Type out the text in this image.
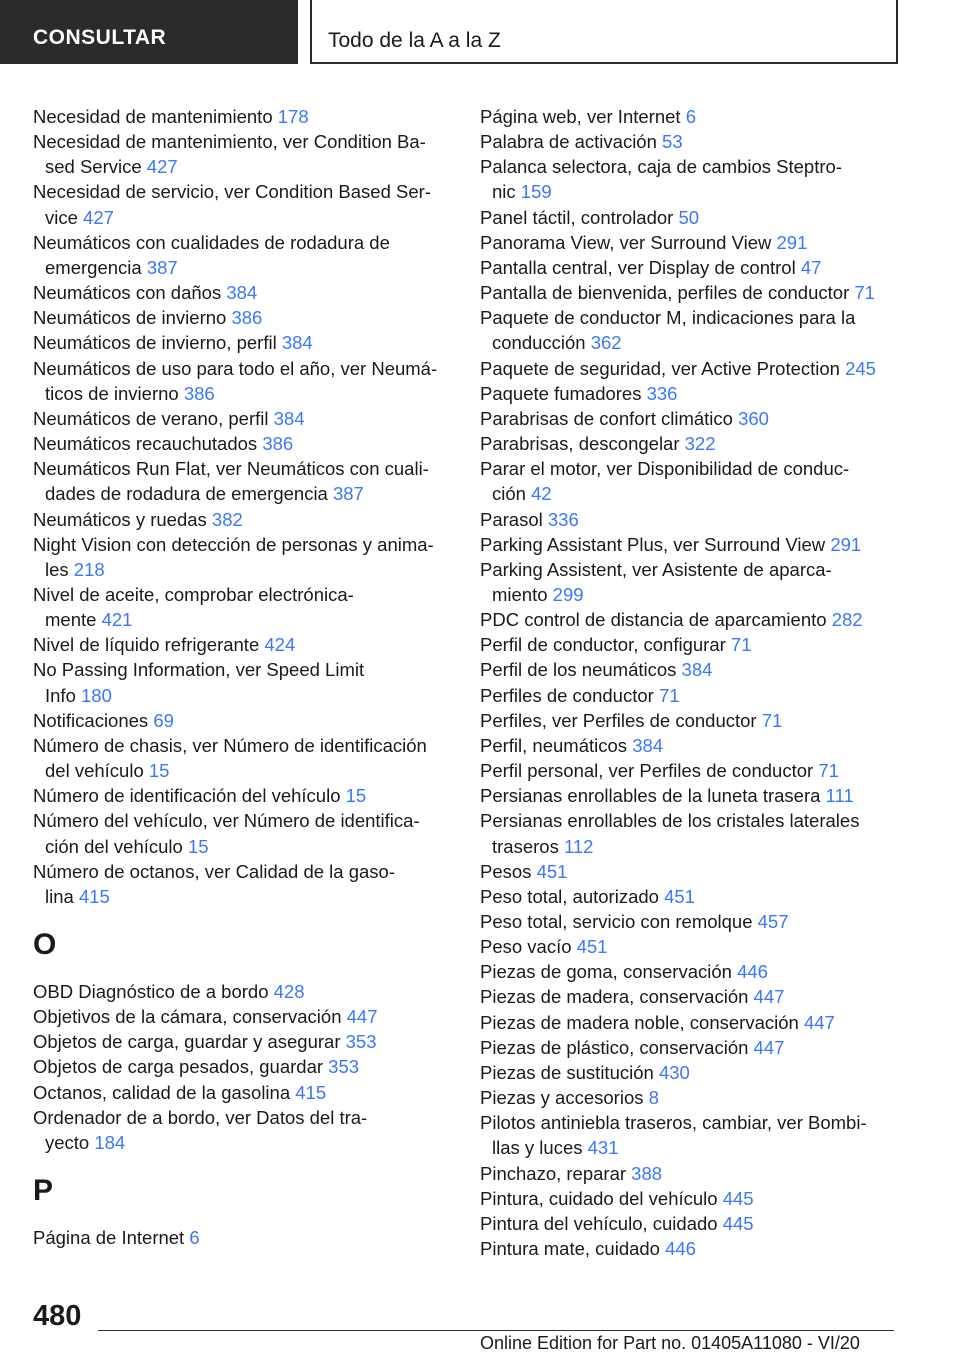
CONSULTAR	Todo de la A a la Z
Necesidad de mantenimiento 178
Necesidad de mantenimiento, ver Condition Ba-
sed Service 427
Necesidad de servicio, ver Condition Based Ser-
vice 427
Neumáticos con cualidades de rodadura de
emergencia 387
Neumáticos con daños 384
Neumáticos de invierno 386
Neumáticos de invierno, perfil 384
Neumáticos de uso para todo el año, ver Neumá-
ticos de invierno 386
Neumáticos de verano, perfil 384
Neumáticos recauchutados 386
Neumáticos Run Flat, ver Neumáticos con cuali-
dades de rodadura de emergencia 387
Neumáticos y ruedas 382
Night Vision con detección de personas y anima-
les 218
Nivel de aceite, comprobar electrónica-
mente 421
Nivel de líquido refrigerante 424
No Passing Information, ver Speed Limit
Info 180
Notificaciones 69
Número de chasis, ver Número de identificación
del vehículo 15
Número de identificación del vehículo 15
Número del vehículo, ver Número de identifica-
ción del vehículo 15
Número de octanos, ver Calidad de la gaso-
lina 415
O
OBD Diagnóstico de a bordo 428
Objetivos de la cámara, conservación 447
Objetos de carga, guardar y asegurar 353
Objetos de carga pesados, guardar 353
Octanos, calidad de la gasolina 415
Ordenador de a bordo, ver Datos del tra-
yecto 184
P
Página de Internet 6
Página web, ver Internet 6
Palabra de activación 53
Palanca selectora, caja de cambios Steptro-
nic 159
Panel táctil, controlador 50
Panorama View, ver Surround View 291
Pantalla central, ver Display de control 47
Pantalla de bienvenida, perfiles de conductor 71
Paquete de conductor M, indicaciones para la
conducción 362
Paquete de seguridad, ver Active Protection 245
Paquete fumadores 336
Parabrisas de confort climático 360
Parabrisas, descongelar 322
Parar el motor, ver Disponibilidad de conduc-
ción 42
Parasol 336
Parking Assistant Plus, ver Surround View 291
Parking Assistent, ver Asistente de aparca-
miento 299
PDC control de distancia de aparcamiento 282
Perfil de conductor, configurar 71
Perfil de los neumáticos 384
Perfiles de conductor 71
Perfiles, ver Perfiles de conductor 71
Perfil, neumáticos 384
Perfil personal, ver Perfiles de conductor 71
Persianas enrollables de la luneta trasera 111
Persianas enrollables de los cristales laterales
traseros 112
Pesos 451
Peso total, autorizado 451
Peso total, servicio con remolque 457
Peso vacío 451
Piezas de goma, conservación 446
Piezas de madera, conservación 447
Piezas de madera noble, conservación 447
Piezas de plástico, conservación 447
Piezas de sustitución 430
Piezas y accesorios 8
Pilotos antiniebla traseros, cambiar, ver Bombi-
llas y luces 431
Pinchazo, reparar 388
Pintura, cuidado del vehículo 445
Pintura del vehículo, cuidado 445
Pintura mate, cuidado 446
480
Online Edition for Part no. 01405A11080 - VI/20
